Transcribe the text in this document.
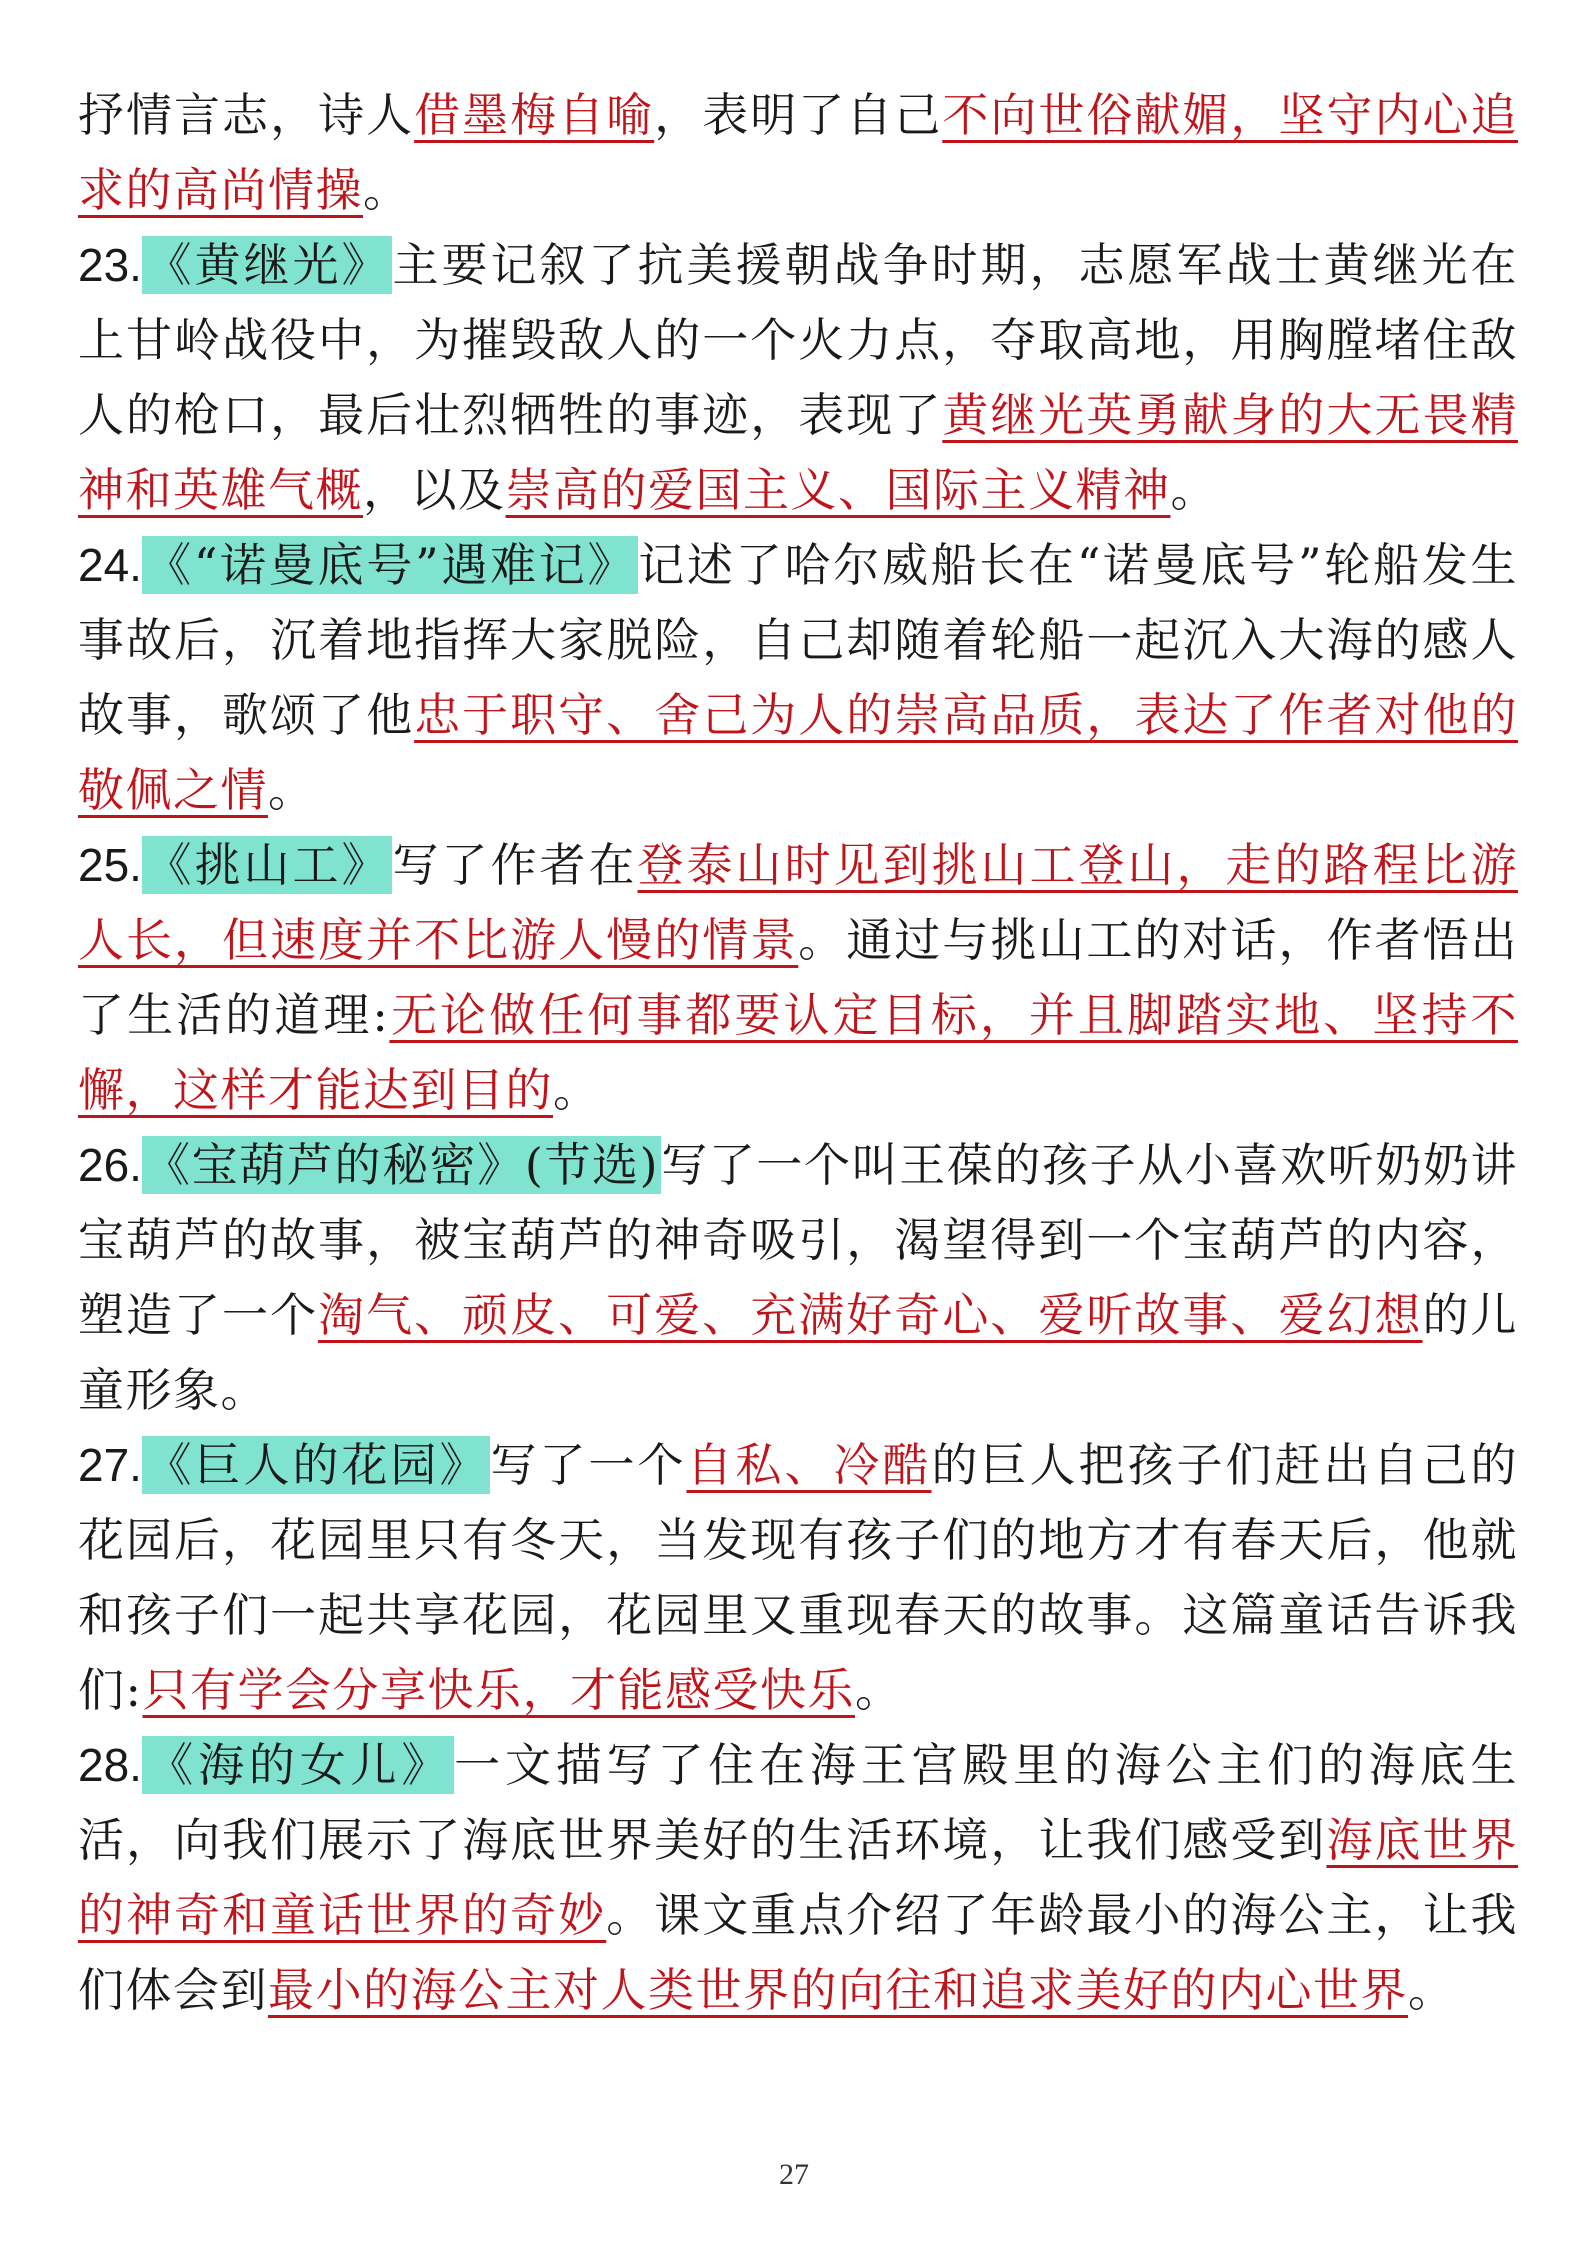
抒情言志，诗人借墨梅自喻，表明了自己不向世俗献媚，坚守内心追求的高尚情操。

23.《黄继光》主要记叙了抗美援朝战争时期，志愿军战士黄继光在上甘岭战役中，为摧毁敌人的一个火力点，夺取高地，用胸膛堵住敌人的枪口，最后壮烈牺牲的事迹，表现了黄继光英勇献身的大无畏精神和英雄气概，以及崇高的爱国主义、国际主义精神。

24.《“诺曼底号”遇难记》记述了哈尔威船长在“诺曼底号”轮船发生事故后，沉着地指挥大家脱险，自己却随着轮船一起沉入大海的感人故事，歌颂了他忠于职守、舍己为人的崇高品质，表达了作者对他的敬佩之情。

25.《挑山工》写了作者在登泰山时见到挑山工登山，走的路程比游人长，但速度并不比游人慢的情景。通过与挑山工的对话，作者悟出了生活的道理:无论做任何事都要认定目标，并且脚踏实地、坚持不懈，这样才能达到目的。

26.《宝葫芦的秘密》(节选)写了一个叫王葆的孩子从小喜欢听奶奶讲宝葫芦的故事，被宝葫芦的神奇吸引，渴望得到一个宝葫芦的内容，塑造了一个淘气、顽皮、可爱、充满好奇心、爱听故事、爱幻想的儿童形象。

27.《巨人的花园》写了一个自私、冷酷的巨人把孩子们赶出自己的花园后，花园里只有冬天，当发现有孩子们的地方才有春天后，他就和孩子们一起共享花园，花园里又重现春天的故事。这篇童话告诉我们:只有学会分享快乐，才能感受快乐。

28.《海的女儿》一文描写了住在海王宫殿里的海公主们的海底生活，向我们展示了海底世界美好的生活环境，让我们感受到海底世界的神奇和童话世界的奇妙。课文重点介绍了年龄最小的海公主，让我们体会到最小的海公主对人类世界的向往和追求美好的内心世界。

27
